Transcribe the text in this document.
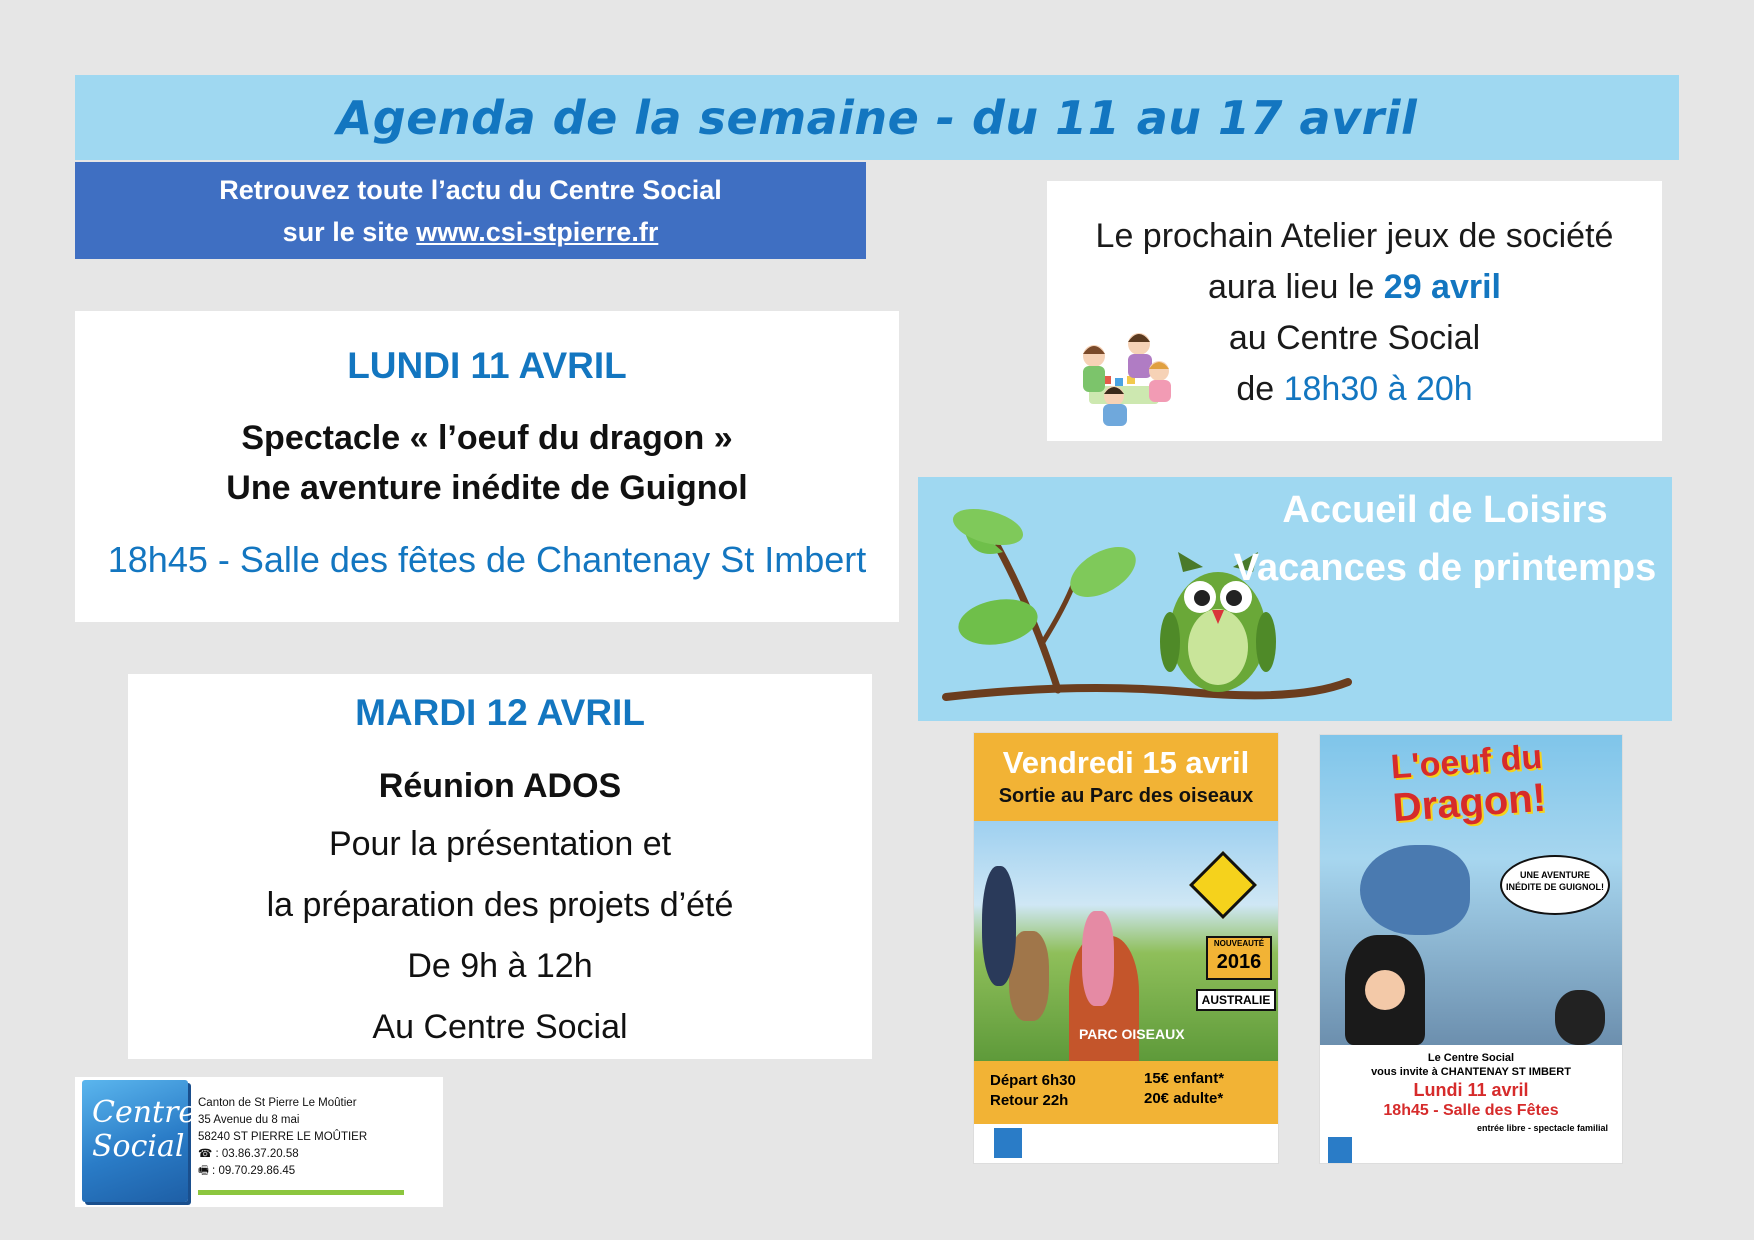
Agenda de la semaine - du 11 au 17 avril
Retrouvez toute l’actu du Centre Social
sur le site www.csi-stpierre.fr	Le prochain Atelier jeux de société
aura lieu le 29 avril
au Centre Social
de 18h30 à 20h
LUNDI 11 AVRIL
Spectacle « l’oeuf du dragon »
Une aventure inédite de Guignol
18h45 - Salle des fêtes de Chantenay St Imbert
MARDI 12 AVRIL
Réunion ADOS
Pour la présentation et
la préparation des projets d’été
De 9h à 12h
Au Centre Social
Accueil de Loisirs
Vacances de printemps
Vendredi 15 avril
Sortie au Parc des oiseaux
NOUVEAUTÉ
2016
AUSTRALIE
PARC OISEAUX
Départ 6h30
Retour 22h
15€ enfant*
20€ adulte*
L'oeuf du
Dragon!
UNE AVENTURE INÉDITE DE GUIGNOL!
Le Centre Social
vous invite à CHANTENAY ST IMBERT
Lundi 11 avril
18h45 - Salle des Fêtes
entrée libre - spectacle familial
Centre
Social
Canton de St Pierre Le Moûtier
35 Avenue du 8 mai
58240 ST PIERRE LE MOÛTIER
☎ : 03.86.37.20.58
🖷 : 09.70.29.86.45
